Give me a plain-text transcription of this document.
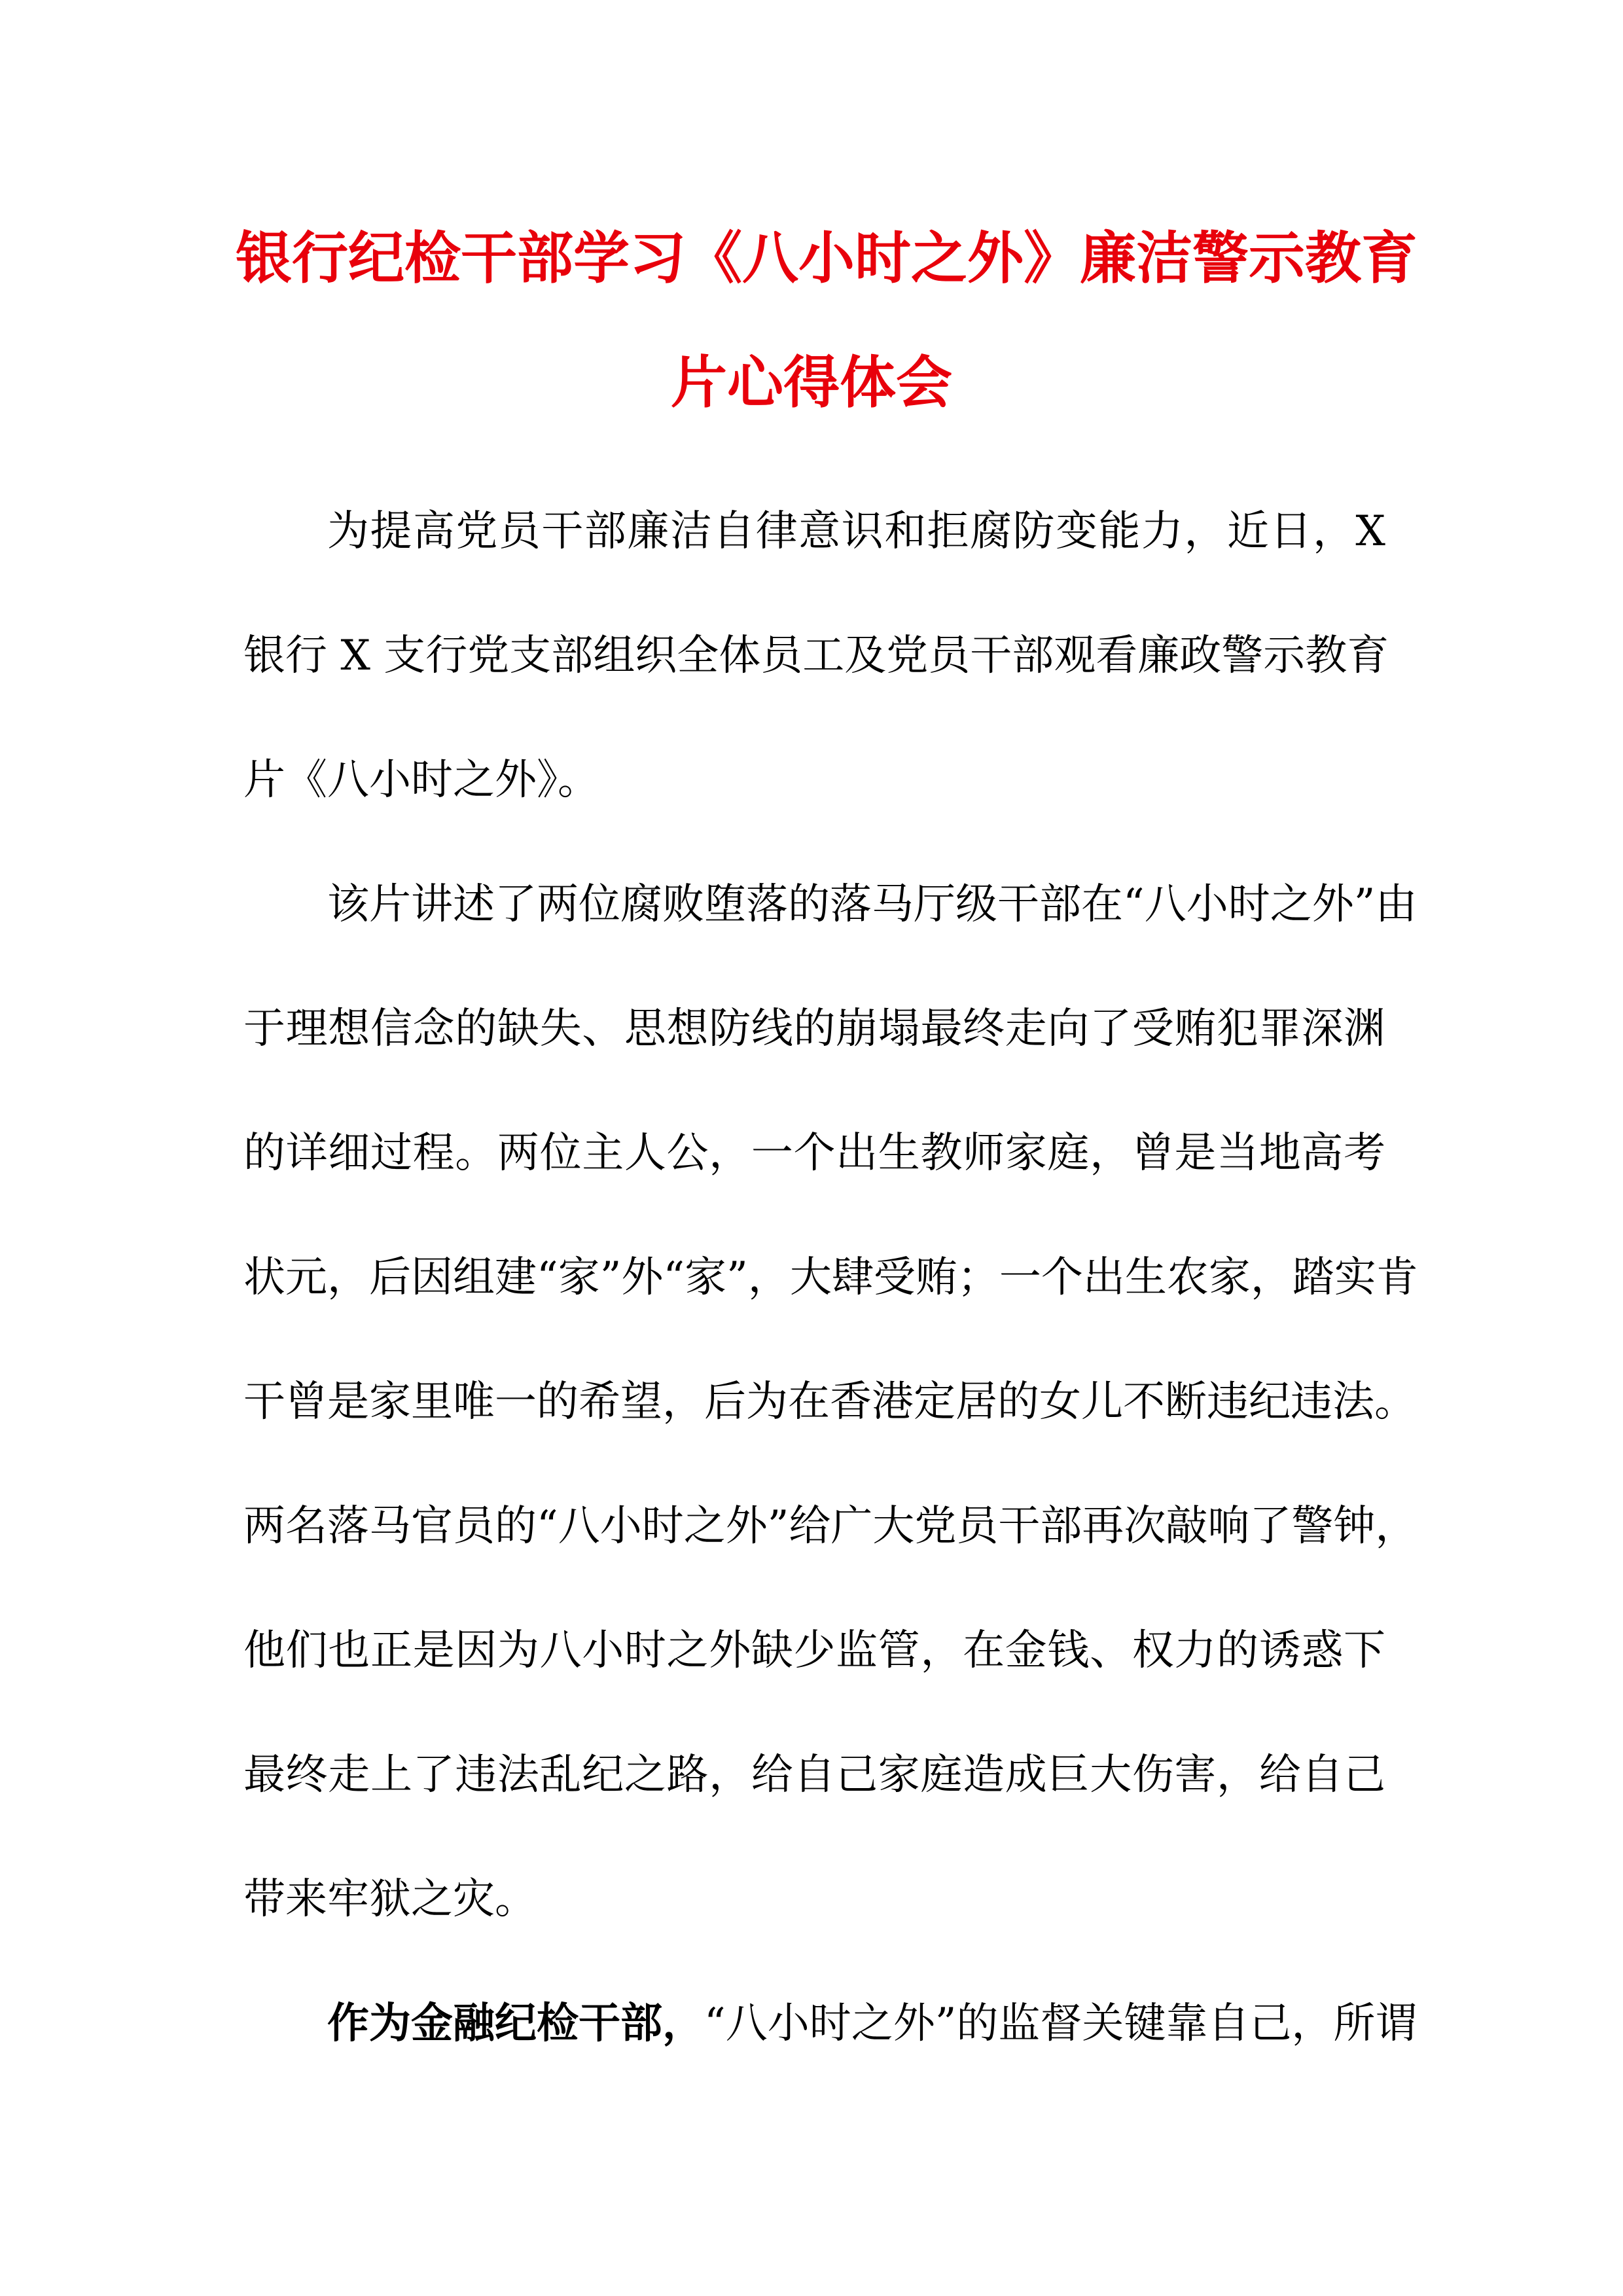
银行纪检干部学习《八小时之外》廉洁警示教育
片心得体会
为提高党员干部廉洁自律意识和拒腐防变能力，近日，X
银行 X 支行党支部组织全体员工及党员干部观看廉政警示教育
片《八小时之外》。
该片讲述了两位腐败堕落的落马厅级干部在“八小时之外”由
于理想信念的缺失、思想防线的崩塌最终走向了受贿犯罪深渊
的详细过程。两位主人公，一个出生教师家庭，曾是当地高考
状元，后因组建“家”外“家”，大肆受贿；一个出生农家，踏实肯
干曾是家里唯一的希望，后为在香港定居的女儿不断违纪违法。
两名落马官员的“八小时之外”给广大党员干部再次敲响了警钟，
他们也正是因为八小时之外缺少监管，在金钱、权力的诱惑下
最终走上了违法乱纪之路，给自己家庭造成巨大伤害，给自己
带来牢狱之灾。
作为金融纪检干部，“八小时之外”的监督关键靠自己，所谓
